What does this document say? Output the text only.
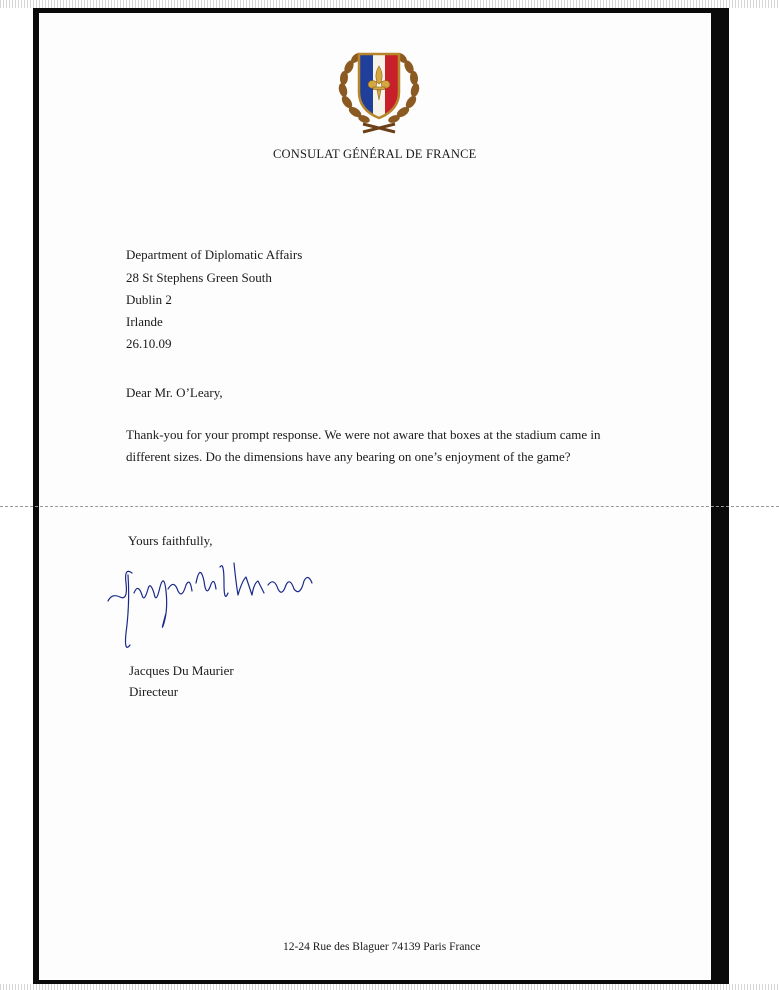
CONSULAT GÉNÉRAL DE FRANCE
Department of Diplomatic Affairs
28 St Stephens Green South
Dublin 2
Irlande
26.10.09
Dear Mr. O’Leary,
Thank-you for your prompt response. We were not aware that boxes at the stadium came in
different sizes. Do the dimensions have any bearing on one’s enjoyment of the game?
Yours faithfully,
Jacques Du Maurier
Directeur
12-24 Rue des Blaguer 74139 Paris France
